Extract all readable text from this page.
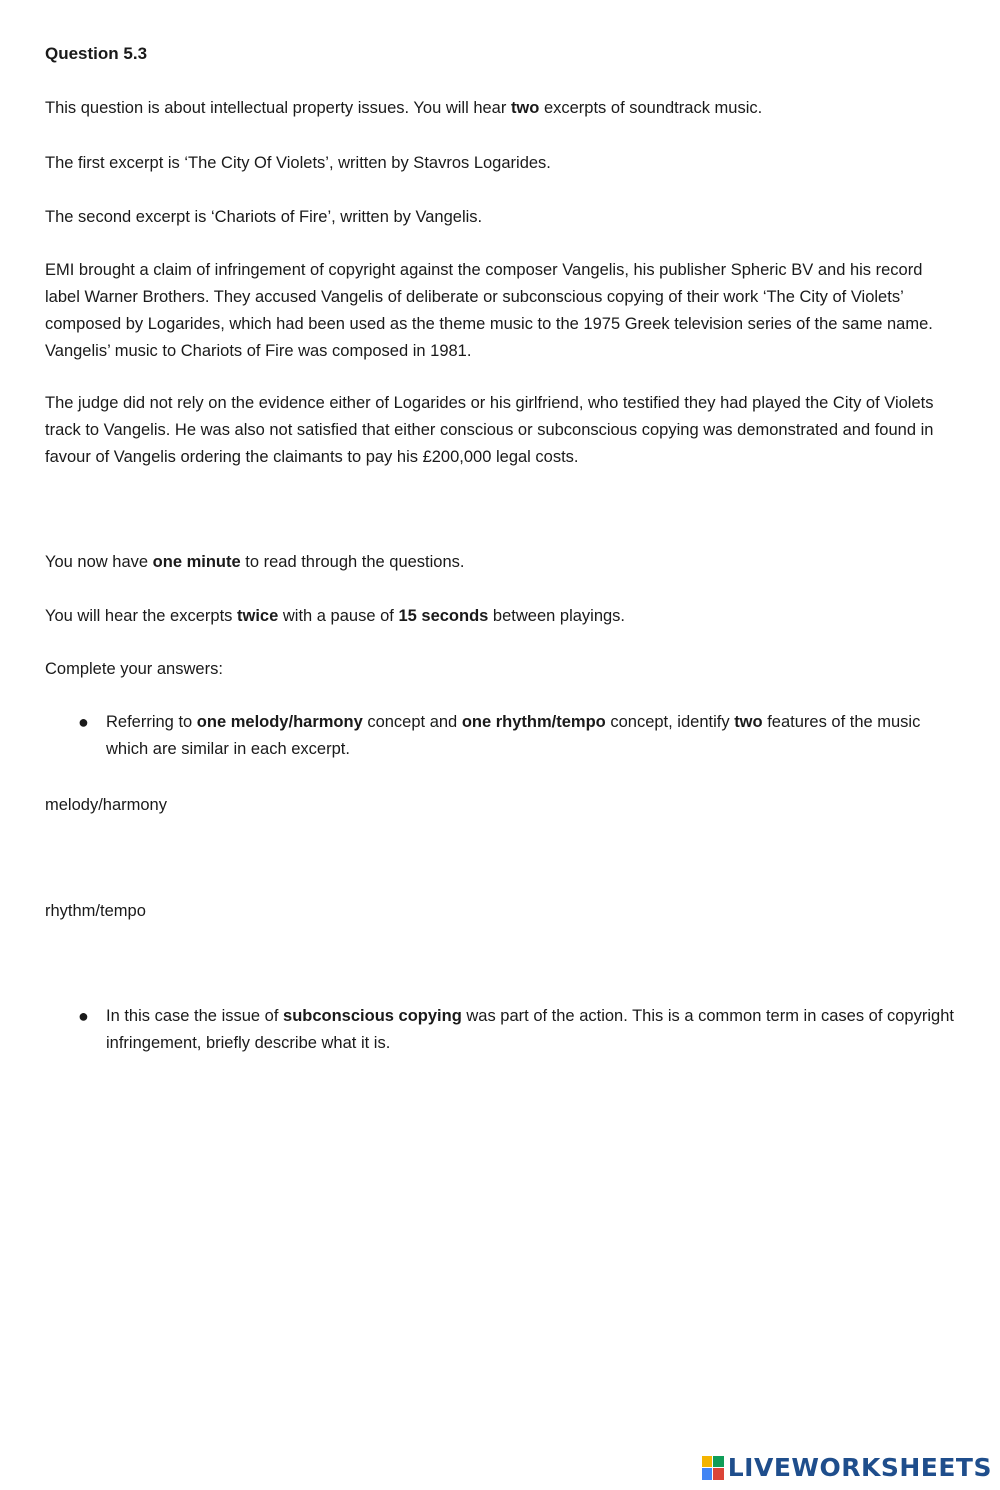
Question 5.3

This question is about intellectual property issues. You will hear two excerpts of soundtrack music.

The first excerpt is ‘The City Of Violets’, written by Stavros Logarides.

The second excerpt is ‘Chariots of Fire’, written by Vangelis.

EMI brought a claim of infringement of copyright against the composer Vangelis, his publisher Spheric BV and his record label Warner Brothers. They accused Vangelis of deliberate or subconscious copying of their work ‘The City of Violets’ composed by Logarides, which had been used as the theme music to the 1975 Greek television series of the same name. Vangelis’ music to Chariots of Fire was composed in 1981.

The judge did not rely on the evidence either of Logarides or his girlfriend, who testified they had played the City of Violets track to Vangelis. He was also not satisfied that either conscious or subconscious copying was demonstrated and found in favour of Vangelis ordering the claimants to pay his £200,000 legal costs.

You now have one minute to read through the questions.

You will hear the excerpts twice with a pause of 15 seconds between playings.

Complete your answers:

● Referring to one melody/harmony concept and one rhythm/tempo concept, identify two features of the music which are similar in each excerpt.
melody/harmony
rhythm/tempo
● In this case the issue of subconscious copying was part of the action. This is a common term in cases of copyright infringement, briefly describe what it is.
LIVEWORKSHEETS
